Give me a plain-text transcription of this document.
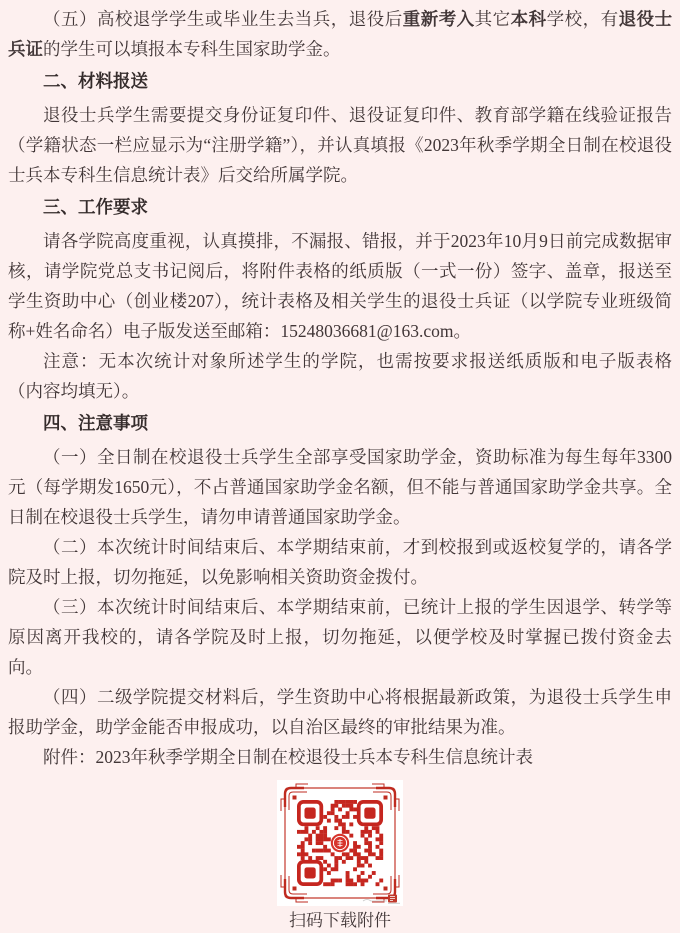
（五）高校退学学生或毕业生去当兵，退役后重新考入其它本科学校，有退役士兵证的学生可以填报本专科生国家助学金。

二、材料报送

退役士兵学生需要提交身份证复印件、退役证复印件、教育部学籍在线验证报告（学籍状态一栏应显示为“注册学籍”），并认真填报《2023年秋季学期全日制在校退役士兵本专科生信息统计表》后交给所属学院。

三、工作要求

请各学院高度重视，认真摸排，不漏报、错报，并于2023年10月9日前完成数据审核，请学院党总支书记阅后，将附件表格的纸质版（一式一份）签字、盖章，报送至学生资助中心（创业楼207），统计表格及相关学生的退役士兵证（以学院专业班级简称+姓名命名）电子版发送至邮箱：15248036681@163.com。

注意：无本次统计对象所述学生的学院，也需按要求报送纸质版和电子版表格（内容均填无）。

四、注意事项

（一）全日制在校退役士兵学生全部享受国家助学金，资助标准为每生每年3300元（每学期发1650元），不占普通国家助学金名额，但不能与普通国家助学金共享。全日制在校退役士兵学生，请勿申请普通国家助学金。

（二）本次统计时间结束后、本学期结束前，才到校报到或返校复学的，请各学院及时上报，切勿拖延，以免影响相关资助资金拨付。

（三）本次统计时间结束后、本学期结束前，已统计上报的学生因退学、转学等原因离开我校的，请各学院及时上报，切勿拖延，以便学校及时掌握已拨付资金去向。

（四）二级学院提交材料后，学生资助中心将根据最新政策，为退役士兵学生申报助学金，助学金能否申报成功，以自治区最终的审批结果为准。

附件：2023年秋季学期全日制在校退役士兵本专科生信息统计表

扫码下载附件
